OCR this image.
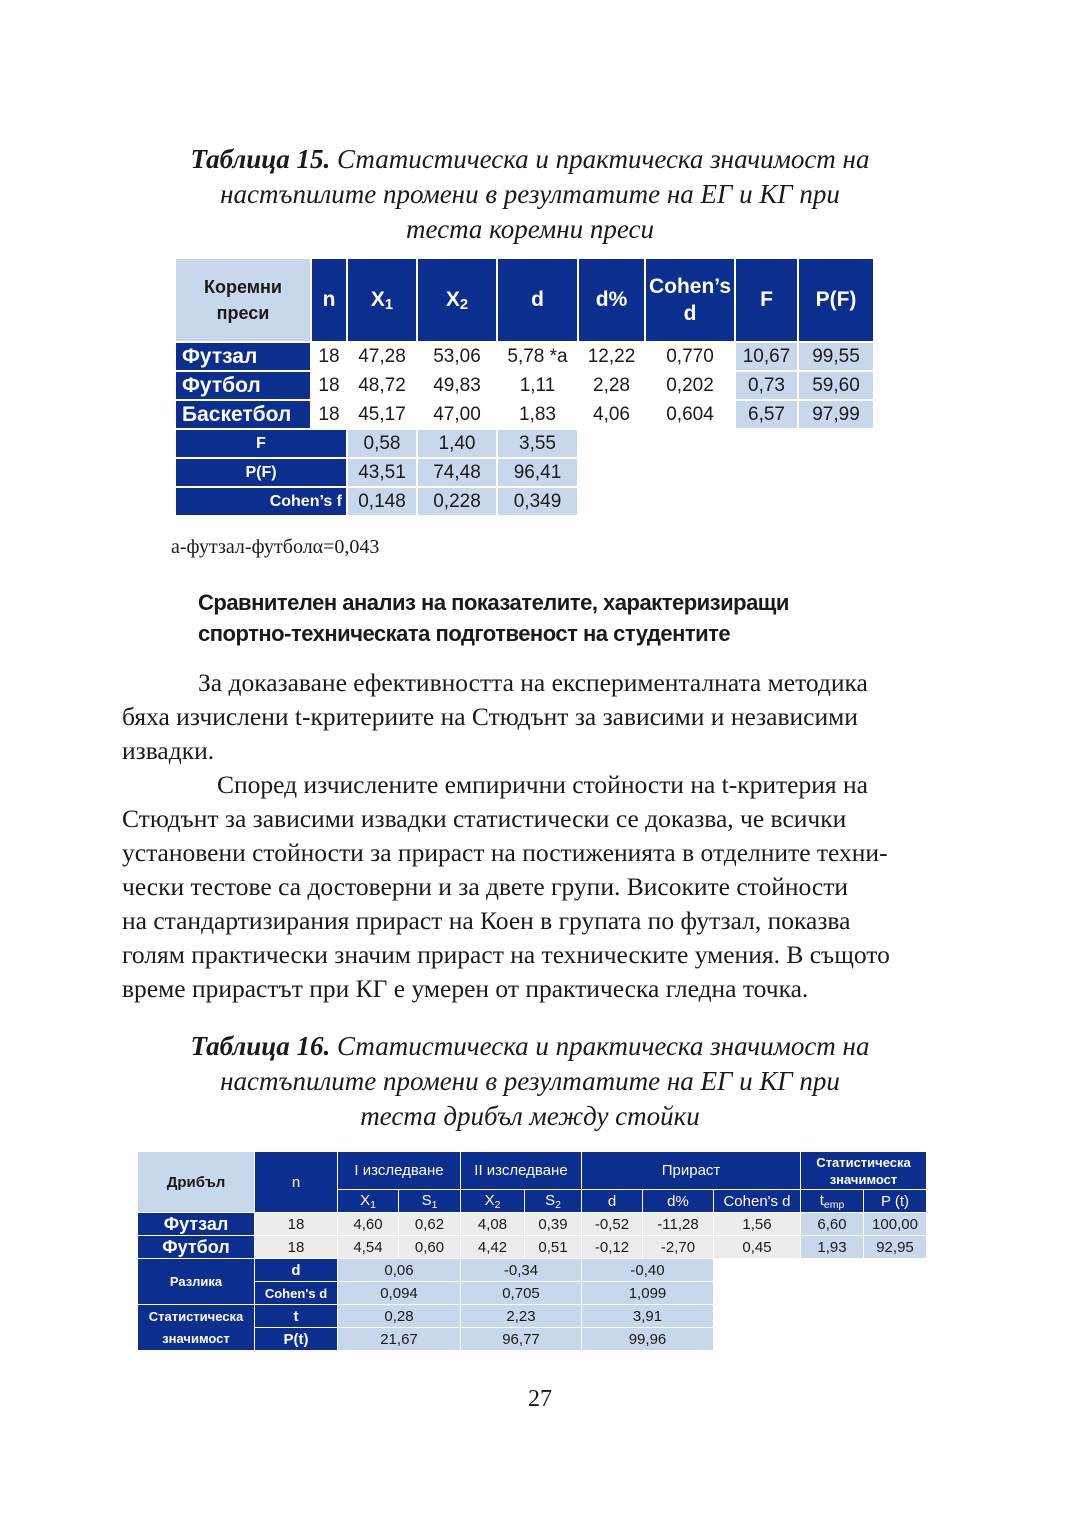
Таблица 15. Статистическа и практическа значимост на
настъпилите промени в резултатите на ЕГ и КГ при
теста коремни преси
Коремни преси	n	$X_1$	$X_2$	d	d%	Cohen’s d	F	P(F)
Футзал	18	47,28	53,06	5,78 *а	12,22	0,770	10,67	99,55
Футбол	18	48,72	49,83	1,11	2,28	0,202	0,73	59,60
Баскетбол	18	45,17	47,00	1,83	4,06	0,604	6,57	97,99
F		0,58	1,40	3,55				
P(F)		43,51	74,48	96,41				
Cohen’s f		0,148	0,228	0,349				
а-футзал-футболα=0,043
Сравнителен анализ на показателите, характеризиращи
спортно-техническата подготвеност на студентите
За доказаване ефективността на експерименталната методика
бяха изчислени t-критериите на Стюдънт за зависими и независими
извадки.
Според изчислените емпирични стойности на t-критерия на
Стюдънт за зависими извадки статистически се доказва, че всички
установени стойности за прираст на постиженията в отделните техни-
чески тестове са достоверни и за двете групи. Високите стойности
на стандартизирания прираст на Коен в групата по футзал, показва
голям практически значим прираст на техническите умения. В същото
време прирастът при КГ е умерен от практическа гледна точка.
Таблица 16. Статистическа и практическа значимост на
настъпилите промени в резултатите на ЕГ и КГ при
теста дрибъл между стойки
Дрибъл	n	I изследване		II изследване		Прираст			Статистическа значимост	
		$X_1$	$S_1$	$X_2$	$S_2$	d	d%	Cohen's d	$t_{emp}$	P (t)
Футзал	18	4,60	0,62	4,08	0,39	-0,52	-11,28	1,56	6,60	100,00
Футбол	18	4,54	0,60	4,42	0,51	-0,12	-2,70	0,45	1,93	92,95
Разлика	d	0,06		-0,34		-0,40				
	Cohen's d	0,094		0,705		1,099				
Статистическа значимост	t	0,28		2,23		3,91				
	P(t)	21,67		96,77		99,96				
27
